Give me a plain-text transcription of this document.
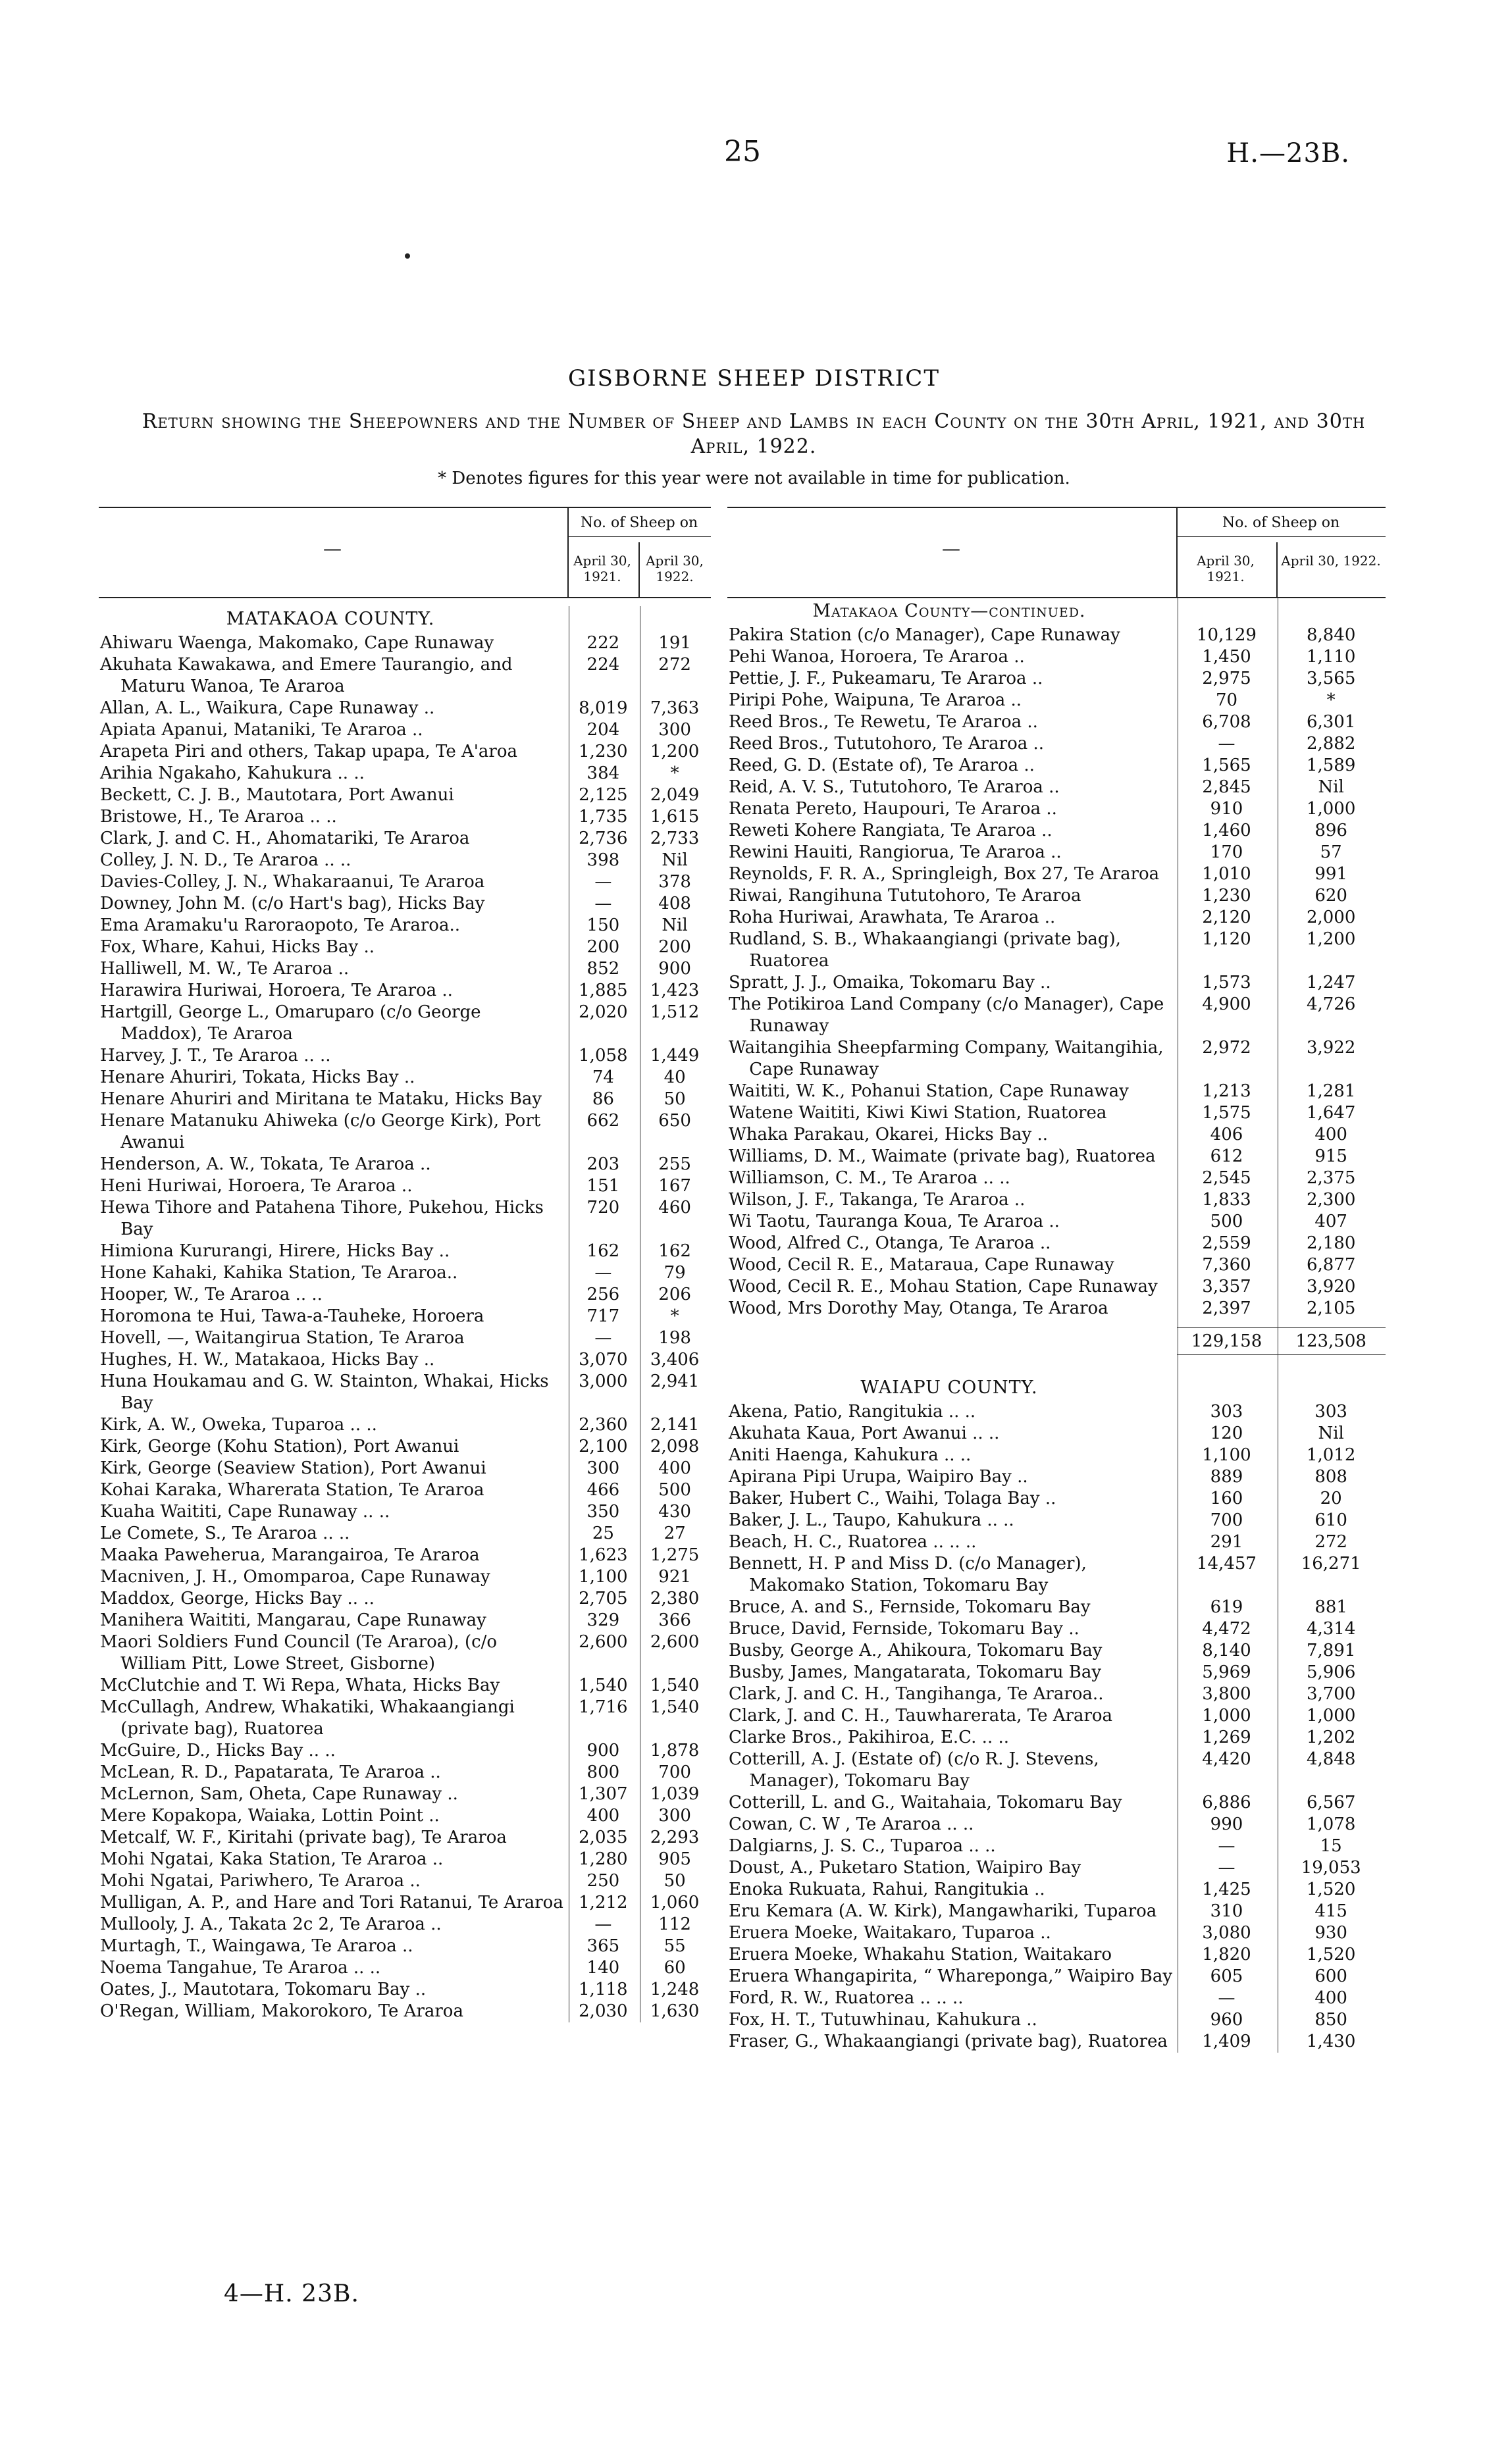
25	H.—23B.
GISBORNE SHEEP DISTRICT
Return showing the Sheepowners and the Number of Sheep and Lambs in each County on the 30th April, 1921, and 30th April, 1922.
* Denotes figures for this year were not available in time for publication.
—
No. of Sheep on
April 30, 1921.
April 30, 1922.
MATAKAOA COUNTY.
Ahiwaru Waenga, Makomako, Cape Runaway	222	191
Akuhata Kawakawa, and Emere Taurangio, and Maturu Wanoa, Te Araroa
224	272
Allan, A. L., Waikura, Cape Runaway ..	8,019	7,363
Apiata Apanui, Mataniki, Te Araroa ..	204	300
Arapeta Piri and others, Takap upapa, Te A'aroa	1,230	1,200
Arihia Ngakaho, Kahukura .. ..	384	*
Beckett, C. J. B., Mautotara, Port Awanui	2,125	2,049
Bristowe, H., Te Araroa .. ..	1,735	1,615
Clark, J. and C. H., Ahomatariki, Te Araroa	2,736	2,733
Colley, J. N. D., Te Araroa .. ..	398	Nil
Davies-Colley, J. N., Whakaraanui, Te Araroa	—	378
Downey, John M. (c/o Hart's bag), Hicks Bay	—	408
Ema Aramaku'u Raroraopoto, Te Araroa..	150	Nil
Fox, Whare, Kahui, Hicks Bay ..	200	200
Halliwell, M. W., Te Araroa ..	852	900
Harawira Huriwai, Horoera, Te Araroa ..	1,885	1,423
Hartgill, George L., Omaruparo (c/o George Maddox), Te Araroa
2,020	1,512
Harvey, J. T., Te Araroa .. ..	1,058	1,449
Henare Ahuriri, Tokata, Hicks Bay ..	74	40
Henare Ahuriri and Miritana te Mataku, Hicks Bay	86	50
Henare Matanuku Ahiweka (c/o George Kirk), Port Awanui
662	650
Henderson, A. W., Tokata, Te Araroa ..	203	255
Heni Huriwai, Horoera, Te Araroa ..	151	167
Hewa Tihore and Patahena Tihore, Pukehou, Hicks Bay
720	460
Himiona Kururangi, Hirere, Hicks Bay ..	162	162
Hone Kahaki, Kahika Station, Te Araroa..	—	79
Hooper, W., Te Araroa .. ..	256	206
Horomona te Hui, Tawa-a-Tauheke, Horoera	717	*
Hovell, —, Waitangirua Station, Te Araroa	—	198
Hughes, H. W., Matakaoa, Hicks Bay ..	3,070	3,406
Huna Houkamau and G. W. Stainton, Whakai, Hicks Bay
3,000	2,941
Kirk, A. W., Oweka, Tuparoa .. ..	2,360	2,141
Kirk, George (Kohu Station), Port Awanui	2,100	2,098
Kirk, George (Seaview Station), Port Awanui	300	400
Kohai Karaka, Wharerata Station, Te Araroa	466	500
Kuaha Waititi, Cape Runaway .. ..	350	430
Le Comete, S., Te Araroa .. ..	25	27
Maaka Paweherua, Marangairoa, Te Araroa	1,623	1,275
Macniven, J. H., Omomparoa, Cape Runaway	1,100	921
Maddox, George, Hicks Bay .. ..	2,705	2,380
Manihera Waititi, Mangarau, Cape Runaway	329	366
Maori Soldiers Fund Council (Te Araroa), (c/o William Pitt, Lowe Street, Gisborne)
2,600	2,600
McClutchie and T. Wi Repa, Whata, Hicks Bay	1,540	1,540
McCullagh, Andrew, Whakatiki, Whakaangiangi (private bag), Ruatorea
1,716	1,540
McGuire, D., Hicks Bay .. ..	900	1,878
McLean, R. D., Papatarata, Te Araroa ..	800	700
McLernon, Sam, Oheta, Cape Runaway ..	1,307	1,039
Mere Kopakopa, Waiaka, Lottin Point ..	400	300
Metcalf, W. F., Kiritahi (private bag), Te Araroa	2,035	2,293
Mohi Ngatai, Kaka Station, Te Araroa ..	1,280	905
Mohi Ngatai, Pariwhero, Te Araroa ..	250	50
Mulligan, A. P., and Hare and Tori Ratanui, Te Araroa 1,212	1,060
Mullooly, J. A., Takata 2c 2, Te Araroa ..	—	112
Murtagh, T., Waingawa, Te Araroa ..	365	55
Noema Tangahue, Te Araroa .. ..	140	60
Oates, J., Mautotara, Tokomaru Bay ..	1,118	1,248
O'Regan, William, Makorokoro, Te Araroa	2,030	1,630
—
No. of Sheep on
April 30, 1921.
April 30, 1922.
Matakaoa County—continued.
Pakira Station (c/o Manager), Cape Runaway	10,129	8,840
Pehi Wanoa, Horoera, Te Araroa ..	1,450	1,110
Pettie, J. F., Pukeamaru, Te Araroa ..	2,975	3,565
Piripi Pohe, Waipuna, Te Araroa ..	70	*
Reed Bros., Te Rewetu, Te Araroa ..	6,708	6,301
Reed Bros., Tututohoro, Te Araroa ..	—	2,882
Reed, G. D. (Estate of), Te Araroa ..	1,565	1,589
Reid, A. V. S., Tututohoro, Te Araroa ..	2,845	Nil
Renata Pereto, Haupouri, Te Araroa ..	910	1,000
Reweti Kohere Rangiata, Te Araroa ..	1,460	896
Rewini Hauiti, Rangiorua, Te Araroa ..	170	57
Reynolds, F. R. A., Springleigh, Box 27, Te Araroa	1,010	991
Riwai, Rangihuna Tututohoro, Te Araroa	1,230	620
Roha Huriwai, Arawhata, Te Araroa ..	2,120	2,000
Rudland, S. B., Whakaangiangi (private bag), Ruatorea
1,120	1,200
Spratt, J. J., Omaika, Tokomaru Bay ..	1,573	1,247
The Potikiroa Land Company (c/o Manager), Cape Runaway
4,900	4,726
Waitangihia Sheepfarming Company, Waitangihia, Cape Runaway
2,972	3,922
Waititi, W. K., Pohanui Station, Cape Runaway	1,213	1,281
Watene Waititi, Kiwi Kiwi Station, Ruatorea	1,575	1,647
Whaka Parakau, Okarei, Hicks Bay ..	406	400
Williams, D. M., Waimate (private bag), Ruatorea	612	915
Williamson, C. M., Te Araroa .. ..	2,545	2,375
Wilson, J. F., Takanga, Te Araroa ..	1,833	2,300
Wi Taotu, Tauranga Koua, Te Araroa ..	500	407
Wood, Alfred C., Otanga, Te Araroa ..	2,559	2,180
Wood, Cecil R. E., Mataraua, Cape Runaway	7,360	6,877
Wood, Cecil R. E., Mohau Station, Cape Runaway	3,357	3,920
Wood, Mrs Dorothy May, Otanga, Te Araroa	2,397	2,105
129,158	123,508
WAIAPU COUNTY.
Akena, Patio, Rangitukia .. ..	303	303
Akuhata Kaua, Port Awanui .. ..	120	Nil
Aniti Haenga, Kahukura .. ..	1,100	1,012
Apirana Pipi Urupa, Waipiro Bay ..	889	808
Baker, Hubert C., Waihi, Tolaga Bay ..	160	20
Baker, J. L., Taupo, Kahukura .. ..	700	610
Beach, H. C., Ruatorea .. .. ..	291	272
Bennett, H. P and Miss D. (c/o Manager), Makomako Station, Tokomaru Bay
14,457	16,271
Bruce, A. and S., Fernside, Tokomaru Bay	619	881
Bruce, David, Fernside, Tokomaru Bay ..	4,472	4,314
Busby, George A., Ahikoura, Tokomaru Bay	8,140	7,891
Busby, James, Mangatarata, Tokomaru Bay	5,969	5,906
Clark, J. and C. H., Tangihanga, Te Araroa..	3,800	3,700
Clark, J. and C. H., Tauwharerata, Te Araroa	1,000	1,000
Clarke Bros., Pakihiroa, E.C. .. ..	1,269	1,202
Cotterill, A. J. (Estate of) (c/o R. J. Stevens, Manager), Tokomaru Bay
4,420	4,848
Cotterill, L. and G., Waitahaia, Tokomaru Bay	6,886	6,567
Cowan, C. W , Te Araroa .. ..	990	1,078
Dalgiarns, J. S. C., Tuparoa .. ..	—	15
Doust, A., Puketaro Station, Waipiro Bay	—	19,053
Enoka Rukuata, Rahui, Rangitukia ..	1,425	1,520
Eru Kemara (A. W. Kirk), Mangawhariki, Tuparoa	310	415
Eruera Moeke, Waitakaro, Tuparoa ..	3,080	930
Eruera Moeke, Whakahu Station, Waitakaro	1,820	1,520
Eruera Whangapirita, “ Whareponga,” Waipiro Bay	605	600
Ford, R. W., Ruatorea .. .. ..	—	400
Fox, H. T., Tutuwhinau, Kahukura ..	960	850
Fraser, G., Whakaangiangi (private bag), Ruatorea	1,409	1,430
4—H. 23B.
